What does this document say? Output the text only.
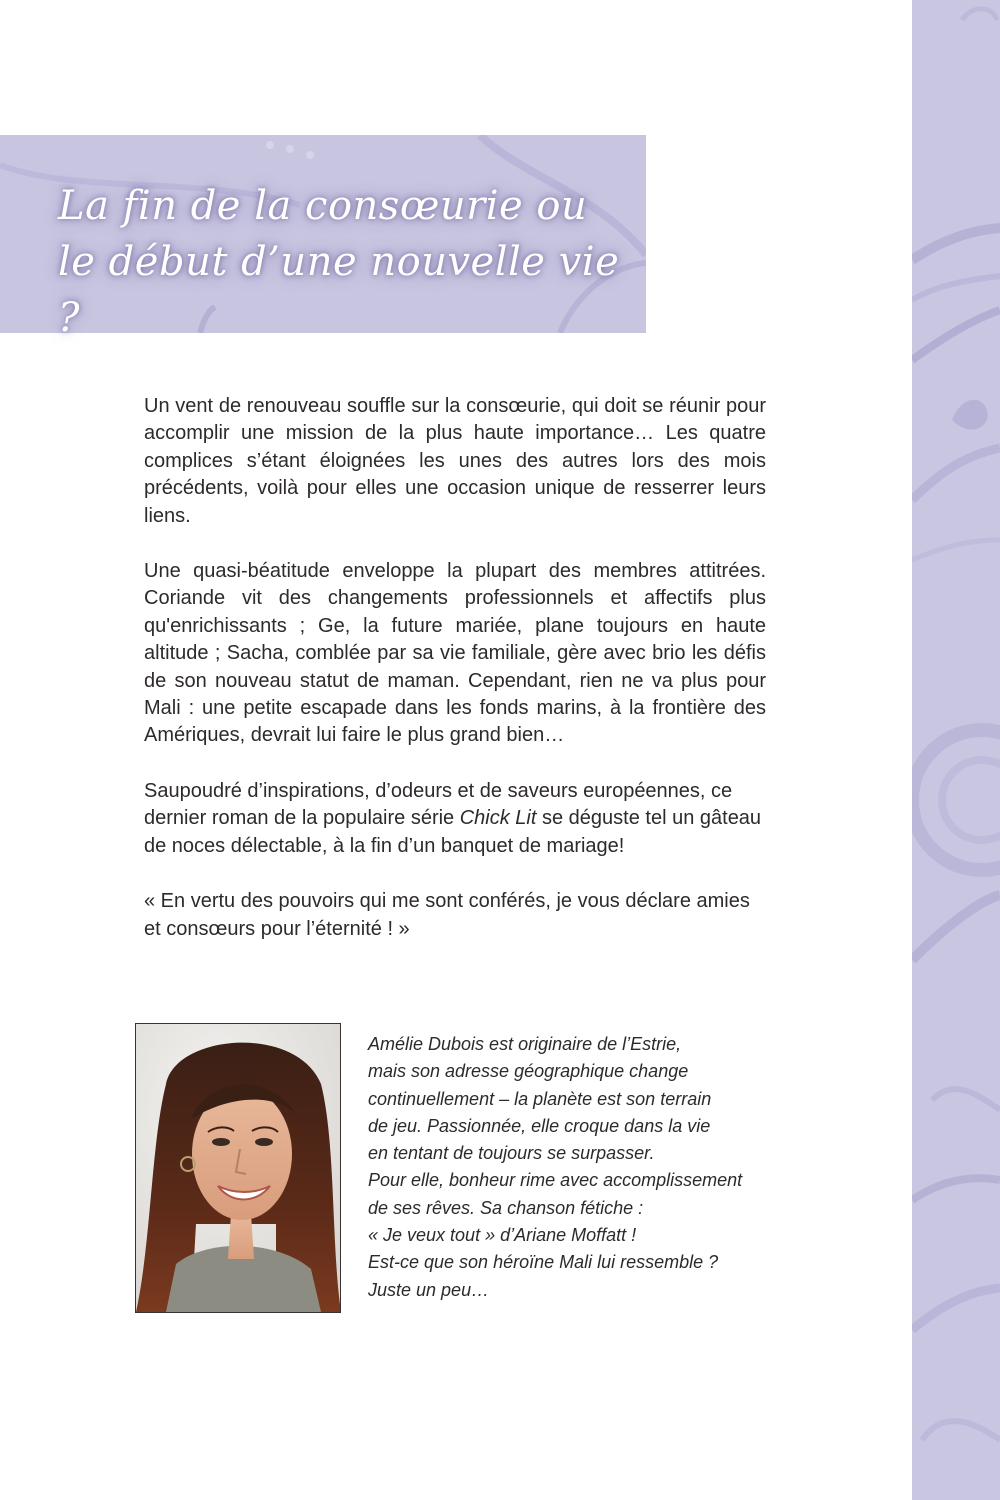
La fin de la consœurie ou
le début d’une nouvelle vie ?

Un vent de renouveau souffle sur la consœurie, qui doit se réunir pour accomplir une mission de la plus haute importance… Les quatre complices s’étant éloignées les unes des autres lors des mois précédents, voilà pour elles une occasion unique de resserrer leurs liens.

Une quasi-béatitude enveloppe la plupart des membres attitrées. Coriande vit des changements professionnels et affectifs plus qu'enrichissants ; Ge, la future mariée, plane toujours en haute altitude ; Sacha, comblée par sa vie familiale, gère avec brio les défis de son nouveau statut de maman. Cependant, rien ne va plus pour Mali : une petite escapade dans les fonds marins, à la frontière des Amériques, devrait lui faire le plus grand bien…

Saupoudré d’inspirations, d’odeurs et de saveurs européennes, ce dernier roman de la populaire série Chick Lit se déguste tel un gâteau de noces délectable, à la fin d’un banquet de mariage!

« En vertu des pouvoirs qui me sont conférés, je vous déclare amies et consœurs pour l’éternité ! »

Amélie Dubois est originaire de l’Estrie,
mais son adresse géographique change
continuellement – la planète est son terrain
de jeu. Passionnée, elle croque dans la vie
en tentant de toujours se surpasser.
Pour elle, bonheur rime avec accomplissement
de ses rêves. Sa chanson fétiche :
« Je veux tout » d’Ariane Moffatt !
Est-ce que son héroïne Mali lui ressemble ?
Juste un peu…
